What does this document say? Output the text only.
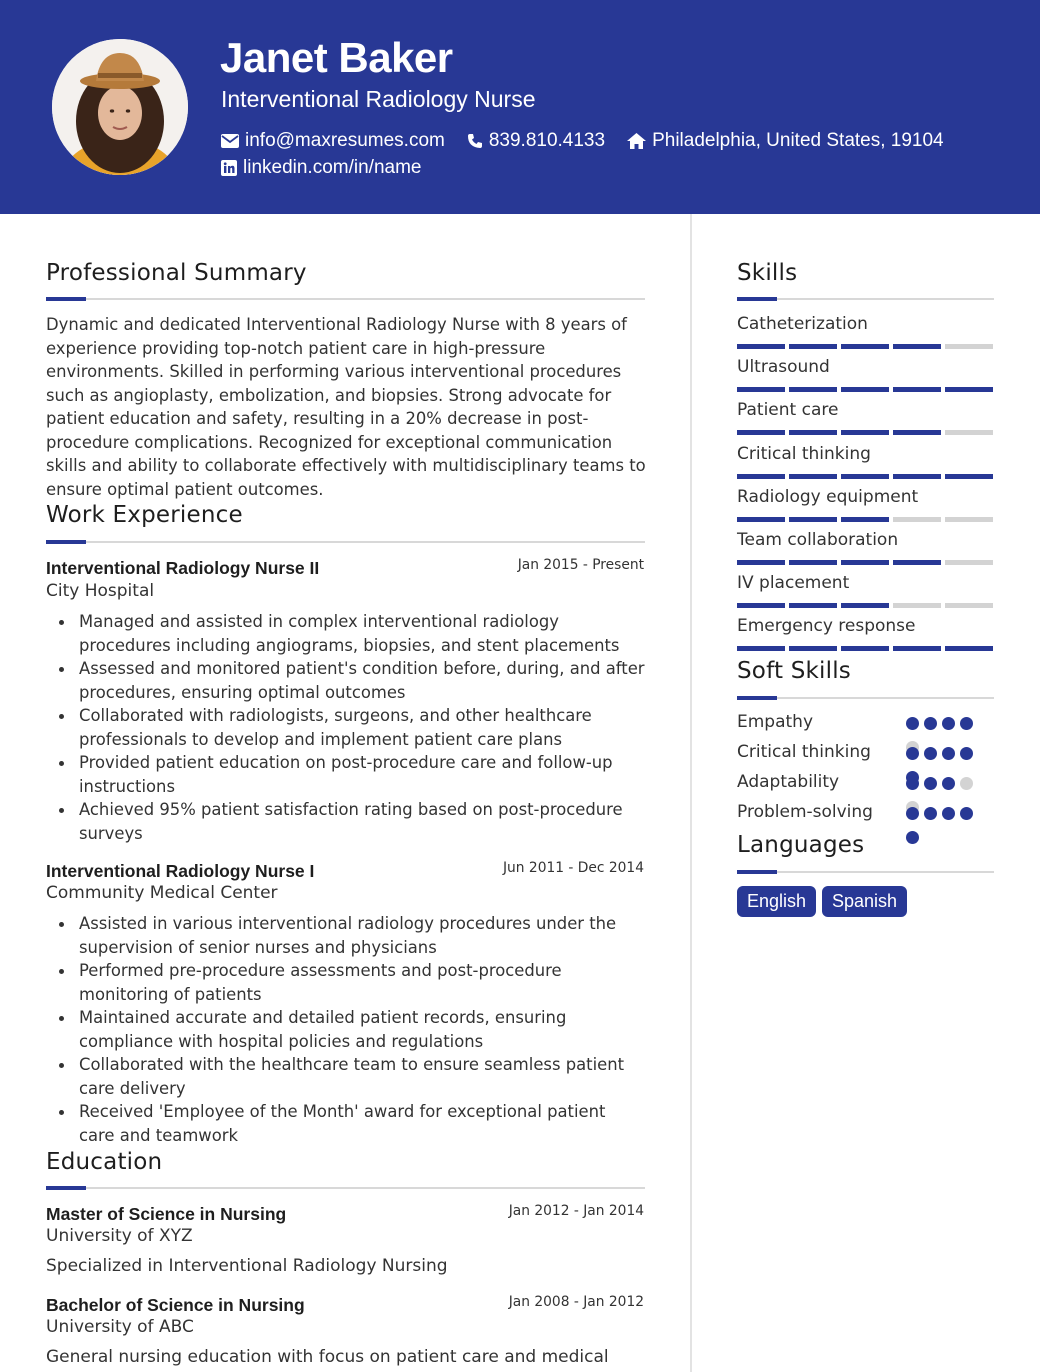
Janet Baker
Interventional Radiology Nurse
info@maxresumes.com 839.810.4133 Philadelphia, United States, 19104
linkedin.com/in/name
Professional Summary
Dynamic and dedicated Interventional Radiology Nurse with 8 years of experience providing top-notch patient care in high-pressure environments. Skilled in performing various interventional procedures such as angioplasty, embolization, and biopsies. Strong advocate for patient education and safety, resulting in a 20% decrease in post-procedure complications. Recognized for exceptional communication skills and ability to collaborate effectively with multidisciplinary teams to ensure optimal patient outcomes.
Work Experience
Interventional Radiology Nurse II	Jan 2015 - Present
City Hospital
Managed and assisted in complex interventional radiology procedures including angiograms, biopsies, and stent placements
Assessed and monitored patient's condition before, during, and after procedures, ensuring optimal outcomes
Collaborated with radiologists, surgeons, and other healthcare professionals to develop and implement patient care plans
Provided patient education on post-procedure care and follow-up instructions
Achieved 95% patient satisfaction rating based on post-procedure surveys
Interventional Radiology Nurse I	Jun 2011 - Dec 2014
Community Medical Center
Assisted in various interventional radiology procedures under the supervision of senior nurses and physicians
Performed pre-procedure assessments and post-procedure monitoring of patients
Maintained accurate and detailed patient records, ensuring compliance with hospital policies and regulations
Collaborated with the healthcare team to ensure seamless patient care delivery
Received 'Employee of the Month' award for exceptional patient care and teamwork
Education
Master of Science in Nursing	Jan 2012 - Jan 2014
University of XYZ
Specialized in Interventional Radiology Nursing
Bachelor of Science in Nursing	Jan 2008 - Jan 2012
University of ABC
General nursing education with focus on patient care and medical
Skills
Catheterization
Ultrasound
Patient care
Critical thinking
Radiology equipment
Team collaboration
IV placement
Emergency response
Soft Skills
Empathy
Critical thinking
Adaptability
Problem-solving
Languages
English	Spanish
